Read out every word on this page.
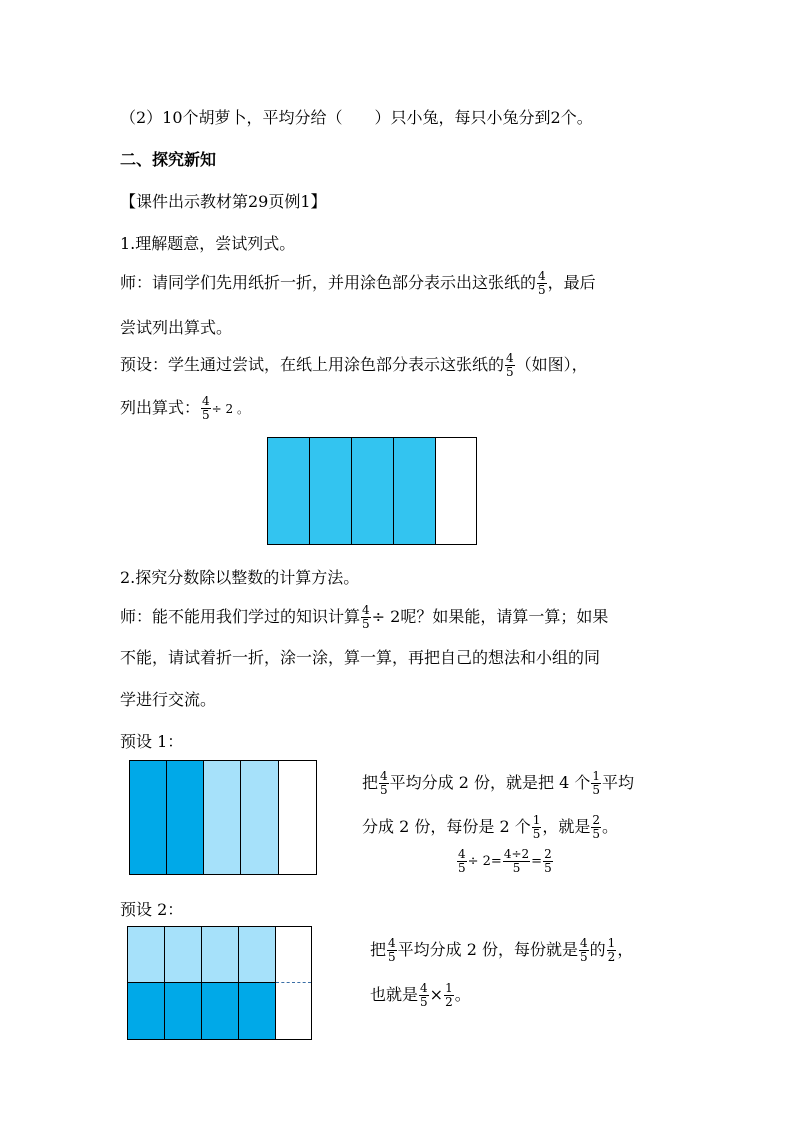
（2）10个胡萝卜，平均分给（　　）只小兔，每只小兔分到2个。
二、探究新知
【课件出示教材第29页例1】
1.理解题意，尝试列式。
师：请同学们先用纸折一折，并用涂色部分表示出这张纸的 $\frac{4}{5}$ ，最后
尝试列出算式。
预设：学生通过尝试，在纸上用涂色部分表示这张纸的 $\frac{4}{5}$ （如图），
列出算式： $\frac{4}{5} \div 2$ 。
2.探究分数除以整数的计算方法。
师：能不能用我们学过的知识计算 $\frac{4}{5} \div 2$呢？如果能，请算一算；如果
不能，请试着折一折，涂一涂，算一算，再把自己的想法和小组的同
学进行交流。
预设 1：
把 $\frac{4}{5}$ 平均分成 2 份，就是把 4 个 $\frac{1}{5}$ 平均
分成 2 份，每份是 2 个 $\frac{1}{5}$ ，就是 $\frac{2}{5}$ 。
$\frac{4}{5} \div 2= \frac{4\div 2}{5} = \frac{2}{5}$
预设 2：
把 $\frac{4}{5}$ 平均分成 2 份，每份就是 $\frac{4}{5}$ 的 $\frac{1}{2}$ ，
也就是 $\frac{4}{5} \times \frac{1}{2}$ 。
